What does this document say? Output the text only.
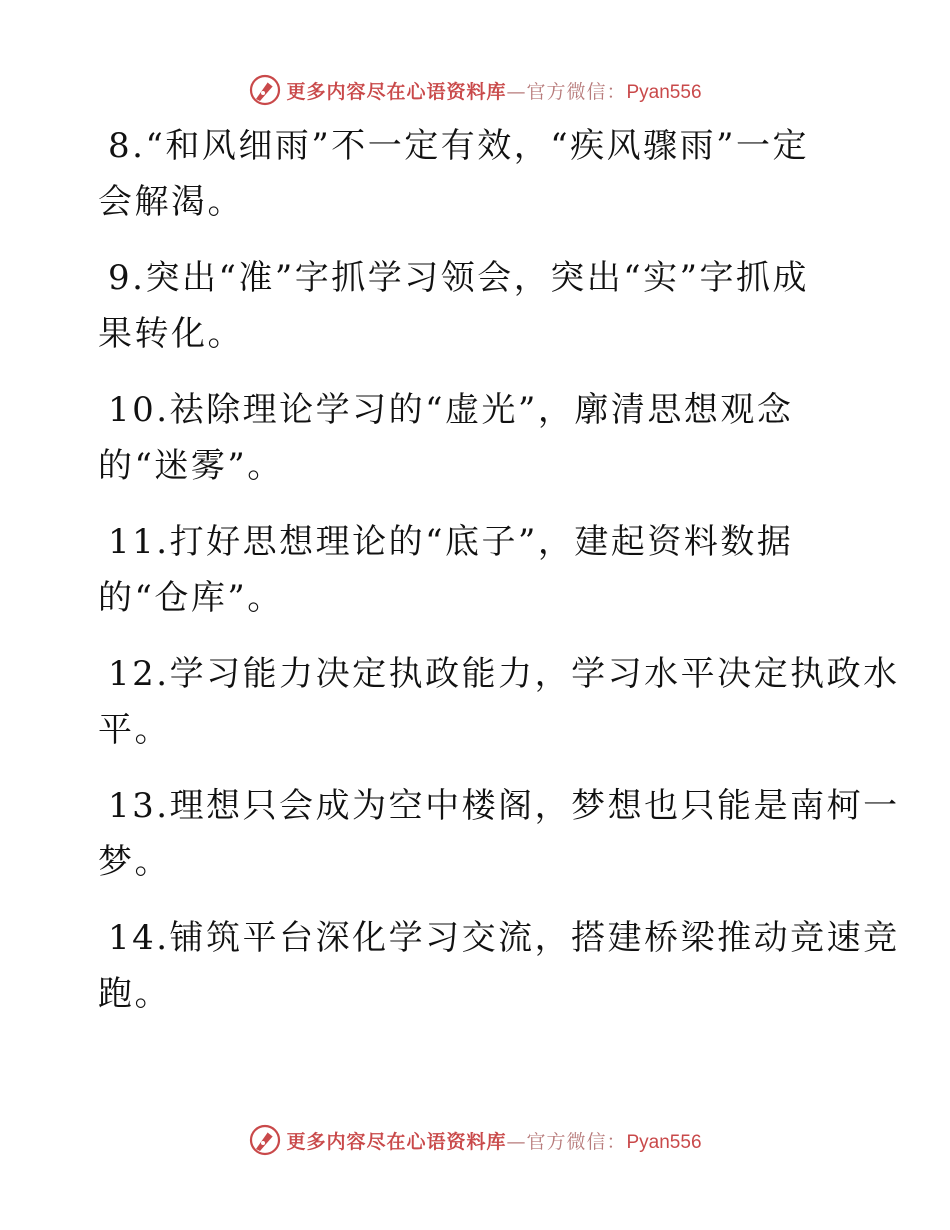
更多内容尽在心语资料库—官方微信：Pyan556
8.“和风细雨”不一定有效，“疾风骤雨”一定
会解渴。
9.突出“准”字抓学习领会，突出“实”字抓成
果转化。
10.祛除理论学习的“虚光”，廓清思想观念
的“迷雾”。
11.打好思想理论的“底子”，建起资料数据
的“仓库”。
12.学习能力决定执政能力，学习水平决定执政水
平。
13.理想只会成为空中楼阁，梦想也只能是南柯一
梦。
14.铺筑平台深化学习交流，搭建桥梁推动竞速竞
跑。
更多内容尽在心语资料库—官方微信：Pyan556
